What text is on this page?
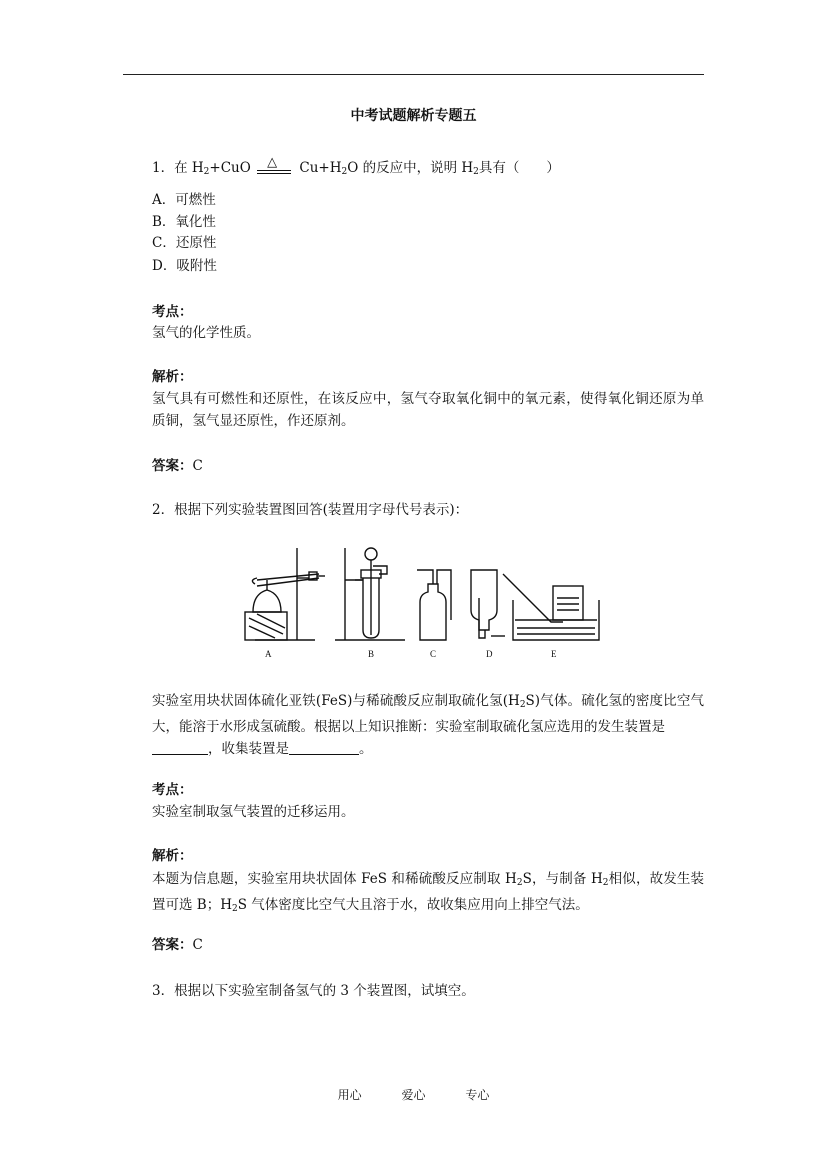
中考试题解析专题五
1．在 $H_2+CuO$ △ $Cu+H_2O$ 的反应中，说明 $H_2$具有（　　）
A．可燃性
B．氧化性
C．还原性
D．吸附性
考点：
氢气的化学性质。
解析：
氢气具有可燃性和还原性，在该反应中，氢气夺取氧化铜中的氧元素，使得氧化铜还原为单质铜，氢气显还原性，作还原剂。
答案：C
2．根据下列实验装置图回答(装置用字母代号表示)：
A	B	C	D	E
实验室用块状固体硫化亚铁(FeS)与稀硫酸反应制取硫化氢$(H_2S)$气体。硫化氢的密度比空气大，能溶于水形成氢硫酸。根据以上知识推断：实验室制取硫化氢应选用的发生装置是
，收集装置是	。
考点：
实验室制取氢气装置的迁移运用。
解析：
本题为信息题，实验室用块状固体 FeS 和稀硫酸反应制取 $H_2S$，与制备 $H_2$相似，故发生装置可选 B；$H_2S$ 气体密度比空气大且溶于水，故收集应用向上排空气法。
答案：C
3．根据以下实验室制备氢气的 3 个装置图，试填空。
用心	爱心	专心
